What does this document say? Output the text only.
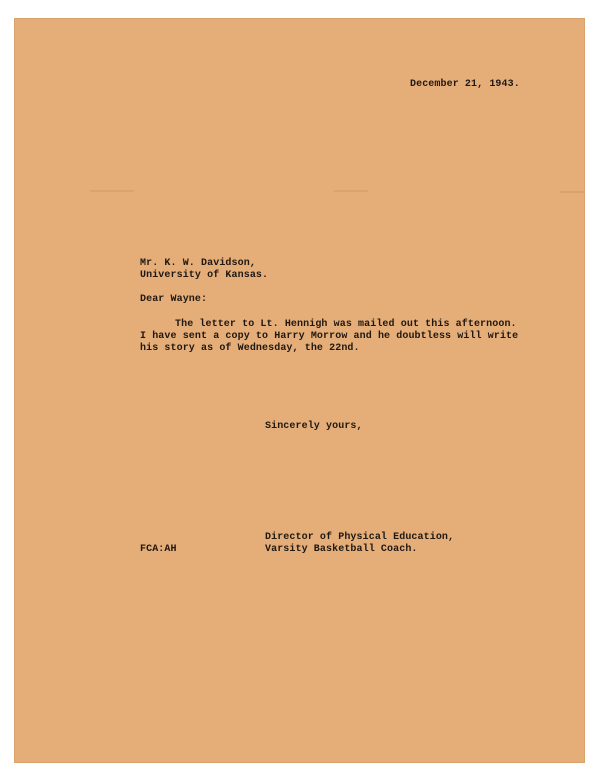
December 21, 1943.
Mr. K. W. Davidson,
University of Kansas.
Dear Wayne:
The letter to Lt. Hennigh was mailed out this afternoon.
I have sent a copy to Harry Morrow and he doubtless will write
his story as of Wednesday, the 22nd.
Sincerely yours,
FCA:AH
Director of Physical Education,
Varsity Basketball Coach.
